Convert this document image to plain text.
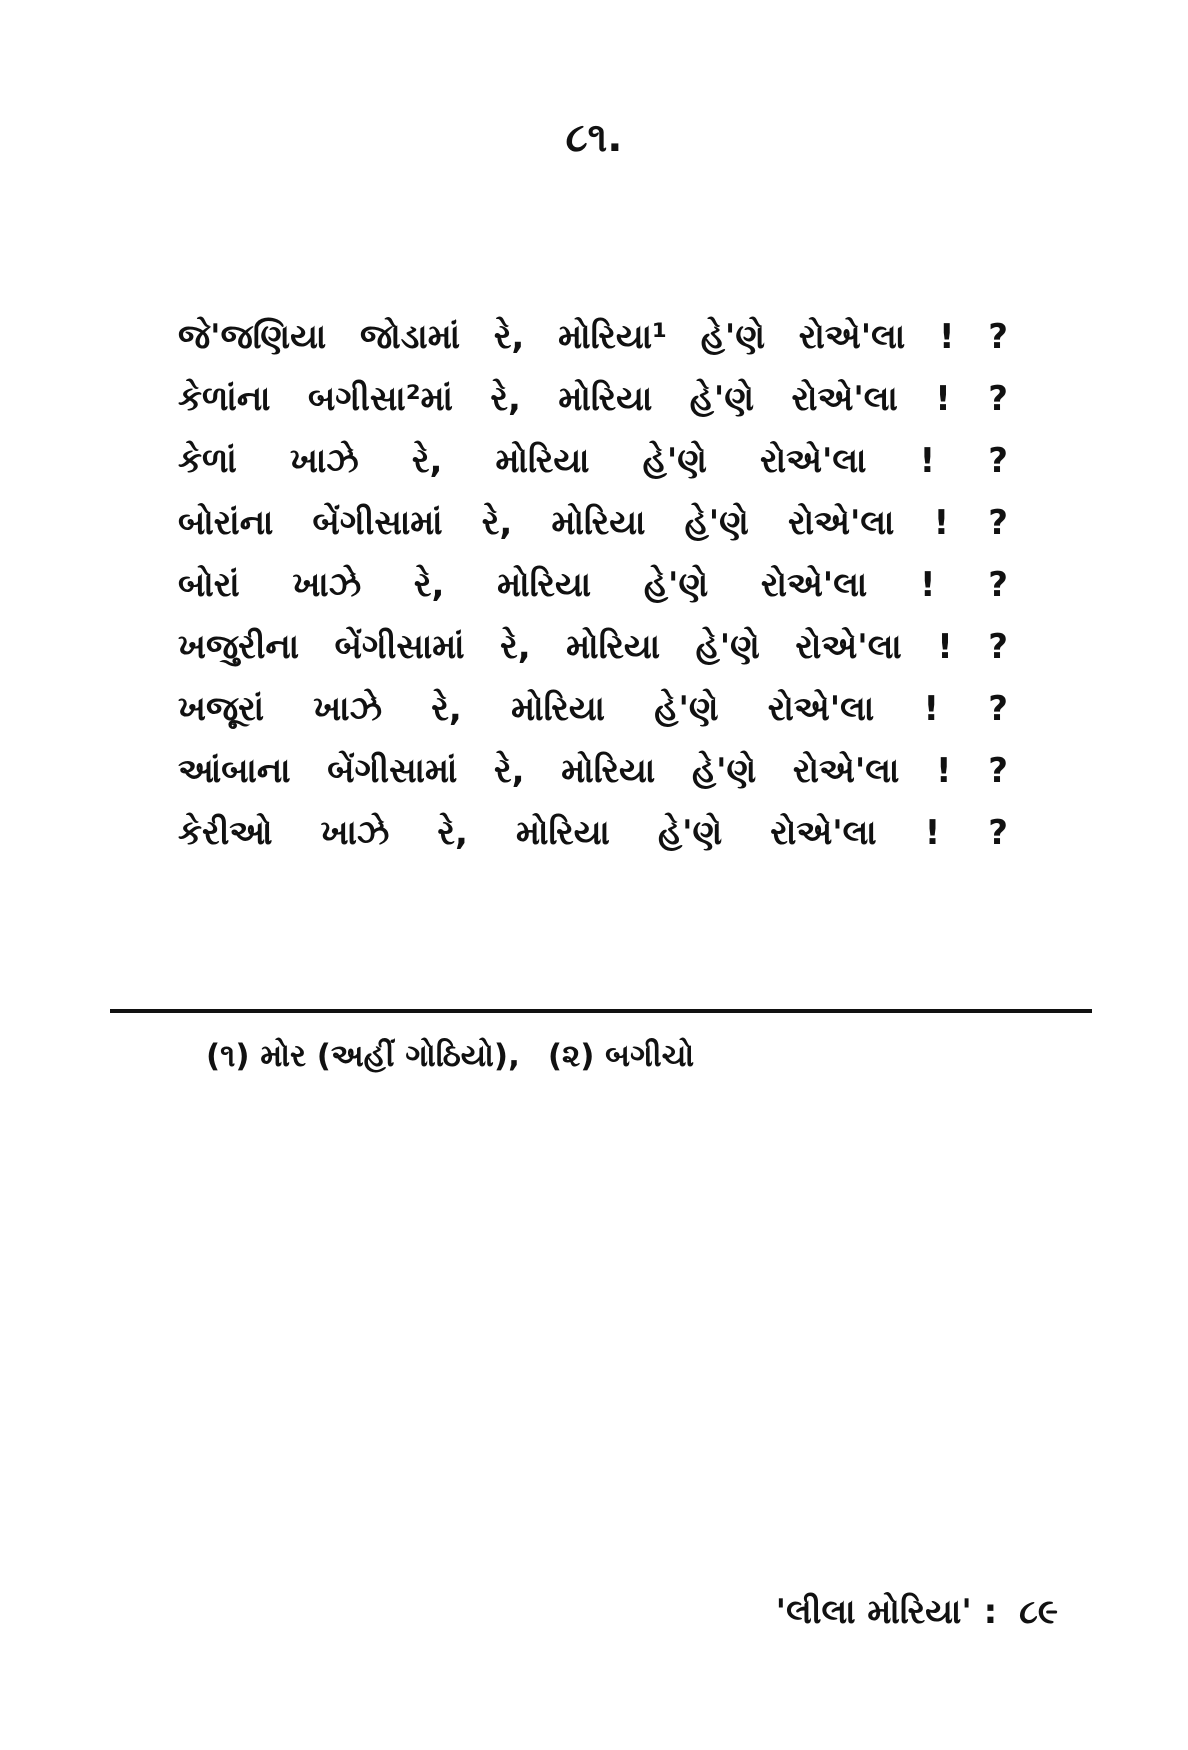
૮૧.
જે'જણિયા જોડામાં રે, મોરિયા¹ હે'ણે રોએ'લા ! ?
કેળાંના બગીસા²માં રે, મોરિયા હે'ણે રોએ'લા ! ?
કેળાં ખાઝે રે, મોરિયા હે'ણે રોએ'લા ! ?
બોરાંના બેંગીસામાં રે, મોરિયા હે'ણે રોએ'લા ! ?
બોરાં ખાઝે રે, મોરિયા હે'ણે રોએ'લા ! ?
ખજુરીના બેંગીસામાં રે, મોરિયા હે'ણે રોએ'લા ! ?
ખજૂરાં ખાઝે રે, મોરિયા હે'ણે રોએ'લા ! ?
આંબાના બેંગીસામાં રે, મોરિયા હે'ણે રોએ'લા ! ?
કેરીઓ ખાઝે રે, મોરિયા હે'ણે રોએ'લા ! ?
(૧) મોર (અહીં ગોઠિયો), (૨) બગીચો
'લીલા મોરિયા' : ૮૯
